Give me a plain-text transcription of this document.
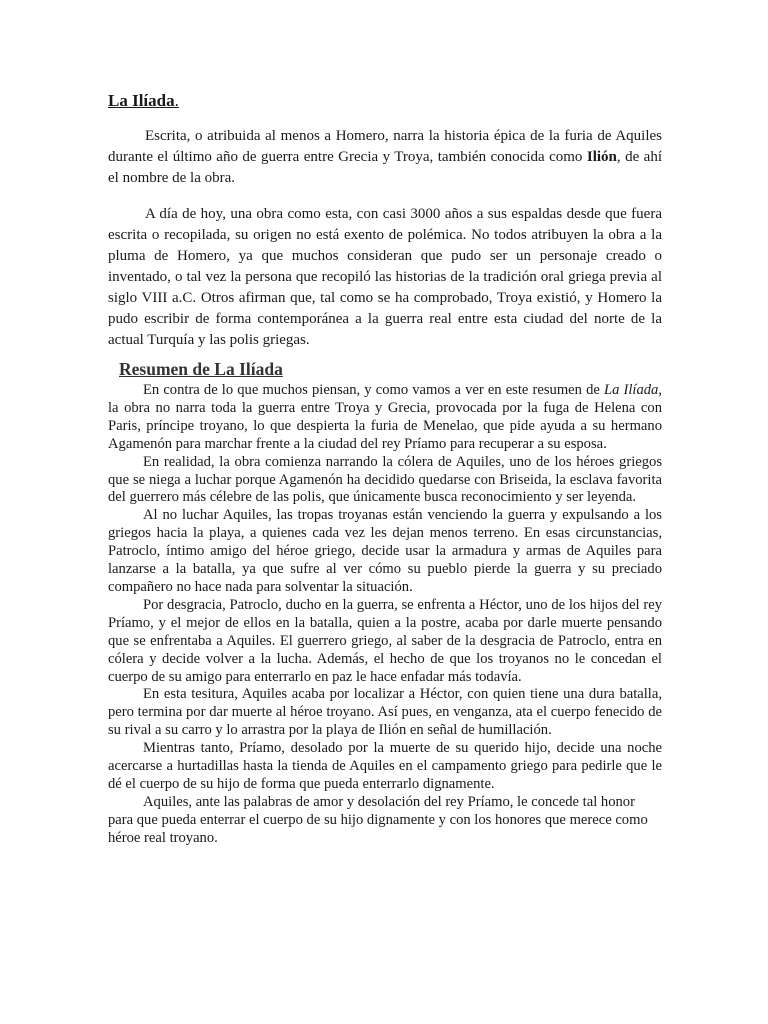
La Ilíada.

Escrita, o atribuida al menos a Homero, narra la historia épica de la furia de Aquiles durante el último año de guerra entre Grecia y Troya, también conocida como Ilión, de ahí el nombre de la obra.

A día de hoy, una obra como esta, con casi 3000 años a sus espaldas desde que fuera escrita o recopilada, su origen no está exento de polémica. No todos atribuyen la obra a la pluma de Homero, ya que muchos consideran que pudo ser un personaje creado o inventado, o tal vez la persona que recopiló las historias de la tradición oral griega previa al siglo VIII a.C. Otros afirman que, tal como se ha comprobado, Troya existió, y Homero la pudo escribir de forma contemporánea a la guerra real entre esta ciudad del norte de la actual Turquía y las polis griegas.

Resumen de La Ilíada

En contra de lo que muchos piensan, y como vamos a ver en este resumen de La Ilíada, la obra no narra toda la guerra entre Troya y Grecia, provocada por la fuga de Helena con Paris, príncipe troyano, lo que despierta la furia de Menelao, que pide ayuda a su hermano Agamenón para marchar frente a la ciudad del rey Príamo para recuperar a su esposa.

En realidad, la obra comienza narrando la cólera de Aquiles, uno de los héroes griegos que se niega a luchar porque Agamenón ha decidido quedarse con Briseida, la esclava favorita del guerrero más célebre de las polis, que únicamente busca reconocimiento y ser leyenda.

Al no luchar Aquiles, las tropas troyanas están venciendo la guerra y expulsando a los griegos hacia la playa, a quienes cada vez les dejan menos terreno. En esas circunstancias, Patroclo, íntimo amigo del héroe griego, decide usar la armadura y armas de Aquiles para lanzarse a la batalla, ya que sufre al ver cómo su pueblo pierde la guerra y su preciado compañero no hace nada para solventar la situación.

Por desgracia, Patroclo, ducho en la guerra, se enfrenta a Héctor, uno de los hijos del rey Príamo, y el mejor de ellos en la batalla, quien a la postre, acaba por darle muerte pensando que se enfrentaba a Aquiles. El guerrero griego, al saber de la desgracia de Patroclo, entra en cólera y decide volver a la lucha. Además, el hecho de que los troyanos no le concedan el cuerpo de su amigo para enterrarlo en paz le hace enfadar más todavía.

En esta tesitura, Aquiles acaba por localizar a Héctor, con quien tiene una dura batalla, pero termina por dar muerte al héroe troyano. Así pues, en venganza, ata el cuerpo fenecido de su rival a su carro y lo arrastra por la playa de Ilión en señal de humillación.

Mientras tanto, Príamo, desolado por la muerte de su querido hijo, decide una noche acercarse a hurtadillas hasta la tienda de Aquiles en el campamento griego para pedirle que le dé el cuerpo de su hijo de forma que pueda enterrarlo dignamente.

Aquiles, ante las palabras de amor y desolación del rey Príamo, le concede tal honor para que pueda enterrar el cuerpo de su hijo dignamente y con los honores que merece como héroe real troyano.
